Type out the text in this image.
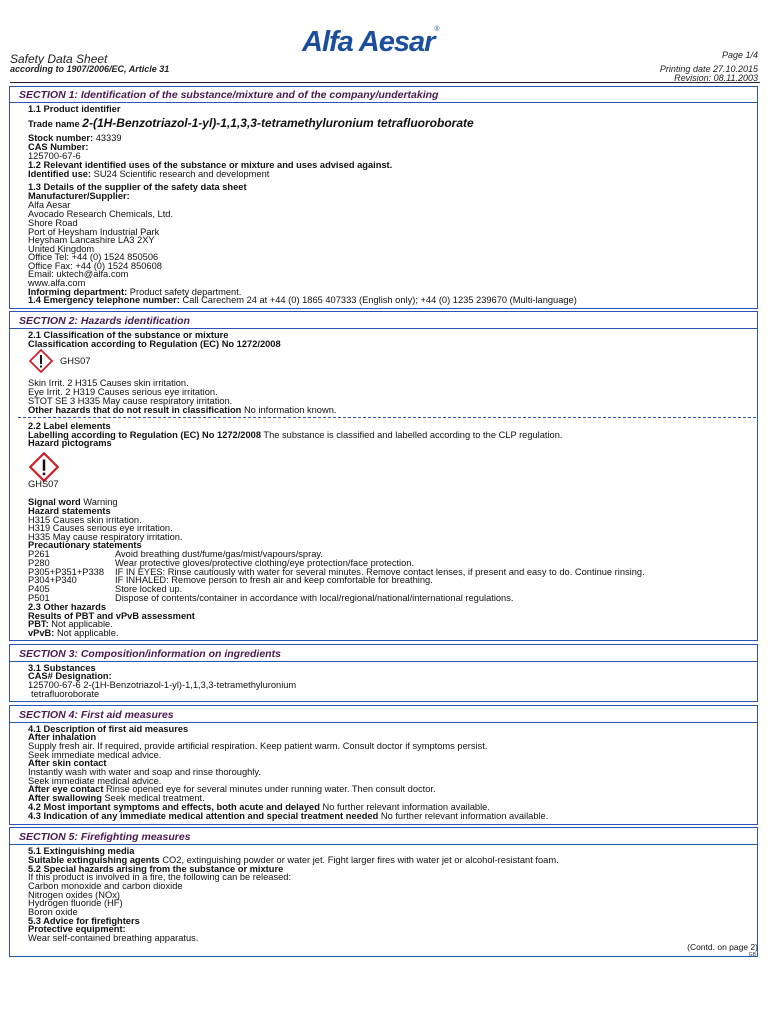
Alfa Aesar®
Safety Data Sheet
according to 1907/2006/EC, Article 31
Page 1/4
Printing date 27.10.2015
Revision: 08.11.2003
SECTION 1: Identification of the substance/mixture and of the company/undertaking
1.1 Product identifier
Trade name 2-(1H-Benzotriazol-1-yl)-1,1,3,3-tetramethyluronium tetrafluoroborate
Stock number: 43339
CAS Number:
125700-67-6
1.2 Relevant identified uses of the substance or mixture and uses advised against.
Identified use: SU24 Scientific research and development
1.3 Details of the supplier of the safety data sheet
Manufacturer/Supplier:
Alfa Aesar
Avocado Research Chemicals, Ltd.
Shore Road
Port of Heysham Industrial Park
Heysham Lancashire LA3 2XY
United Kingdom
Office Tel: +44 (0) 1524 850506
Office Fax: +44 (0) 1524 850608
Email: uktech@alfa.com
www.alfa.com
Informing department: Product safety department.
1.4 Emergency telephone number: Call Carechem 24 at +44 (0) 1865 407333 (English only); +44 (0) 1235 239670 (Multi-language)
SECTION 2: Hazards identification
2.1 Classification of the substance or mixture
Classification according to Regulation (EC) No 1272/2008
GHS07
Skin Irrit. 2 H315 Causes skin irritation.
Eye Irrit. 2 H319 Causes serious eye irritation.
STOT SE 3 H335 May cause respiratory irritation.
Other hazards that do not result in classification No information known.
2.2 Label elements
Labelling according to Regulation (EC) No 1272/2008 The substance is classified and labelled according to the CLP regulation.
Hazard pictograms
GHS07
Signal word Warning
Hazard statements
H315 Causes skin irritation.
H319 Causes serious eye irritation.
H335 May cause respiratory irritation.
Precautionary statements
P261	Avoid breathing dust/fume/gas/mist/vapours/spray.
P280	Wear protective gloves/protective clothing/eye protection/face protection.
P305+P351+P338 IF IN EYES: Rinse cautiously with water for several minutes. Remove contact lenses, if present and easy to do. Continue rinsing.
P304+P340	IF INHALED: Remove person to fresh air and keep comfortable for breathing.
P405	Store locked up.
P501	Dispose of contents/container in accordance with local/regional/national/international regulations.
2.3 Other hazards
Results of PBT and vPvB assessment
PBT: Not applicable.
vPvB: Not applicable.
SECTION 3: Composition/information on ingredients
3.1 Substances
CAS# Designation:
125700-67-6 2-(1H-Benzotriazol-1-yl)-1,1,3,3-tetramethyluronium
tetrafluoroborate
SECTION 4: First aid measures
4.1 Description of first aid measures
After inhalation
Supply fresh air. If required, provide artificial respiration. Keep patient warm. Consult doctor if symptoms persist.
Seek immediate medical advice.
After skin contact
Instantly wash with water and soap and rinse thoroughly.
Seek immediate medical advice.
After eye contact Rinse opened eye for several minutes under running water. Then consult doctor.
After swallowing Seek medical treatment.
4.2 Most important symptoms and effects, both acute and delayed No further relevant information available.
4.3 Indication of any immediate medical attention and special treatment needed No further relevant information available.
SECTION 5: Firefighting measures
5.1 Extinguishing media
Suitable extinguishing agents CO2, extinguishing powder or water jet. Fight larger fires with water jet or alcohol-resistant foam.
5.2 Special hazards arising from the substance or mixture
If this product is involved in a fire, the following can be released:
Carbon monoxide and carbon dioxide
Nitrogen oxides (NOx)
Hydrogen fluoride (HF)
Boron oxide
5.3 Advice for firefighters
Protective equipment:
Wear self-contained breathing apparatus.
(Contd. on page 2)
GB
